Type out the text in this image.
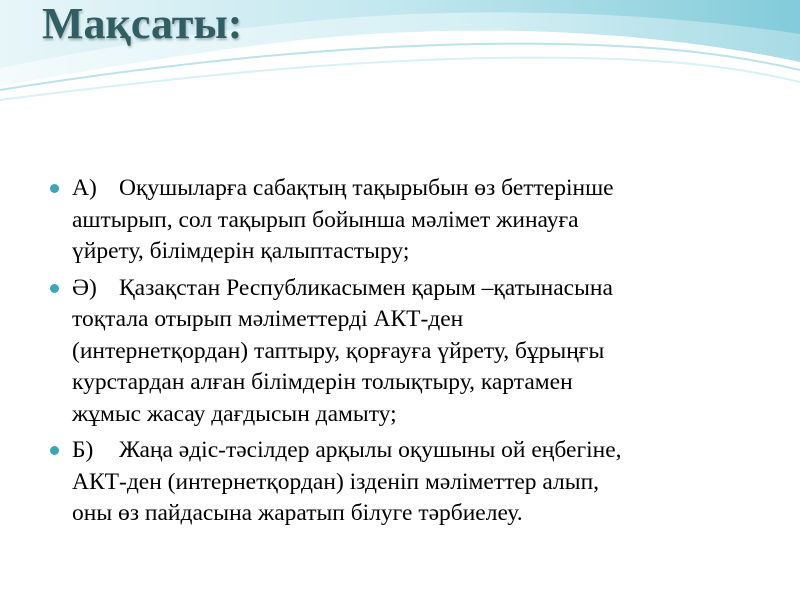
Мақсаты:
А) Оқушыларға сабақтың тақырыбын өз беттерінше
аштырып, сол тақырып бойынша мәлімет жинауға
үйрету, білімдерін қалыптастыру;
Ә) Қазақстан Республикасымен қарым –қатынасына
тоқтала отырып мәліметтерді АКТ-ден
(интернетқордан) таптыру, қорғауға үйрету, бұрыңғы
курстардан алған білімдерін толықтыру, картамен
жұмыс жасау дағдысын дамыту;
Б) Жаңа әдіс-тәсілдер арқылы оқушыны ой еңбегіне,
АКТ-ден (интернетқордан) ізденіп мәліметтер алып,
оны өз пайдасына жаратып білуге тәрбиелеу.
